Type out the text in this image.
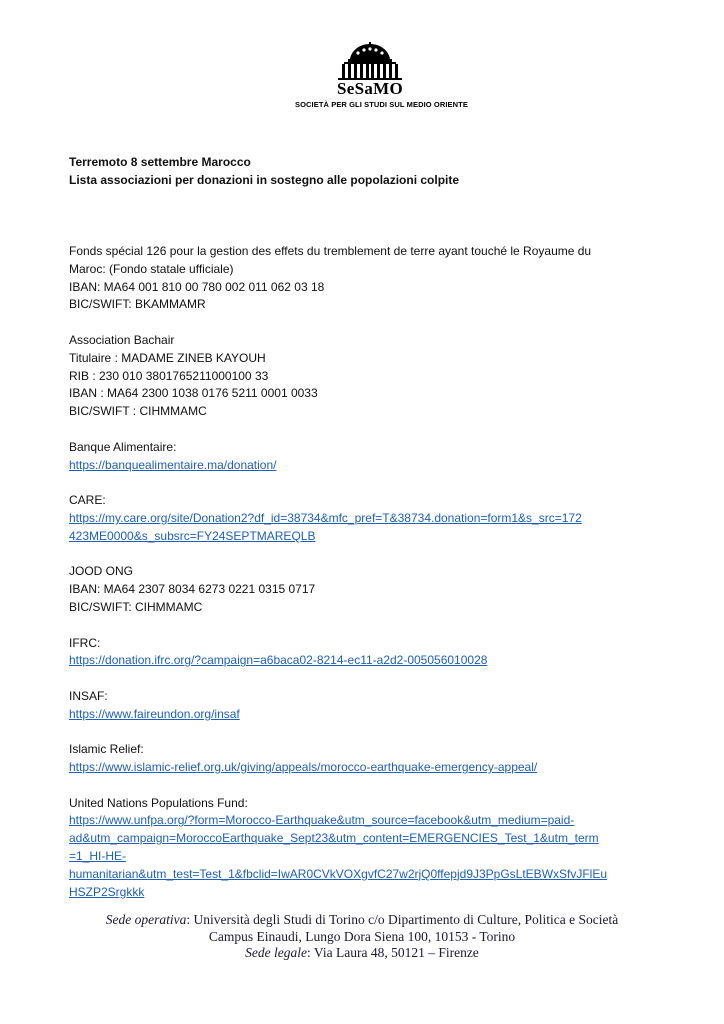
SeSaMO
SOCIETÀ PER GLI STUDI SUL MEDIO ORIENTE
Terremoto 8 settembre Marocco
Lista associazioni per donazioni in sostegno alle popolazioni colpite
Fonds spécial 126 pour la gestion des effets du tremblement de terre ayant touché le Royaume du
Maroc: (Fondo statale ufficiale)
IBAN: MA64 001 810 00 780 002 011 062 03 18
BIC/SWIFT: BKAMMAMR
Association Bachair
Titulaire : MADAME ZINEB KAYOUH
RIB : 230 010 3801765211000100 33
IBAN : MA64 2300 1038 0176 5211 0001 0033
BIC/SWIFT : CIHMMAMC
Banque Alimentaire:
https://banquealimentaire.ma/donation/
CARE:
https://my.care.org/site/Donation2?df_id=38734&mfc_pref=T&38734.donation=form1&s_src=172
423ME0000&s_subsrc=FY24SEPTMAREQLB
JOOD ONG
IBAN: MA64 2307 8034 6273 0221 0315 0717
BIC/SWIFT: CIHMMAMC
IFRC:
https://donation.ifrc.org/?campaign=a6baca02-8214-ec11-a2d2-005056010028
INSAF:
https://www.faireundon.org/insaf
Islamic Relief:
https://www.islamic-relief.org.uk/giving/appeals/morocco-earthquake-emergency-appeal/
United Nations Populations Fund:
https://www.unfpa.org/?form=Morocco-Earthquake&utm_source=facebook&utm_medium=paid-
ad&utm_campaign=MoroccoEarthquake_Sept23&utm_content=EMERGENCIES_Test_1&utm_term
=1_HI-HE-
humanitarian&utm_test=Test_1&fbclid=IwAR0CVkVOXgvfC27w2rjQ0ffepjd9J3PpGsLtEBWxSfvJFlEu
HSZP2Srgkkk
Sede operativa: Università degli Studi di Torino c/o Dipartimento di Culture, Politica e Società
Campus Einaudi, Lungo Dora Siena 100, 10153 - Torino
Sede legale: Via Laura 48, 50121 – Firenze
